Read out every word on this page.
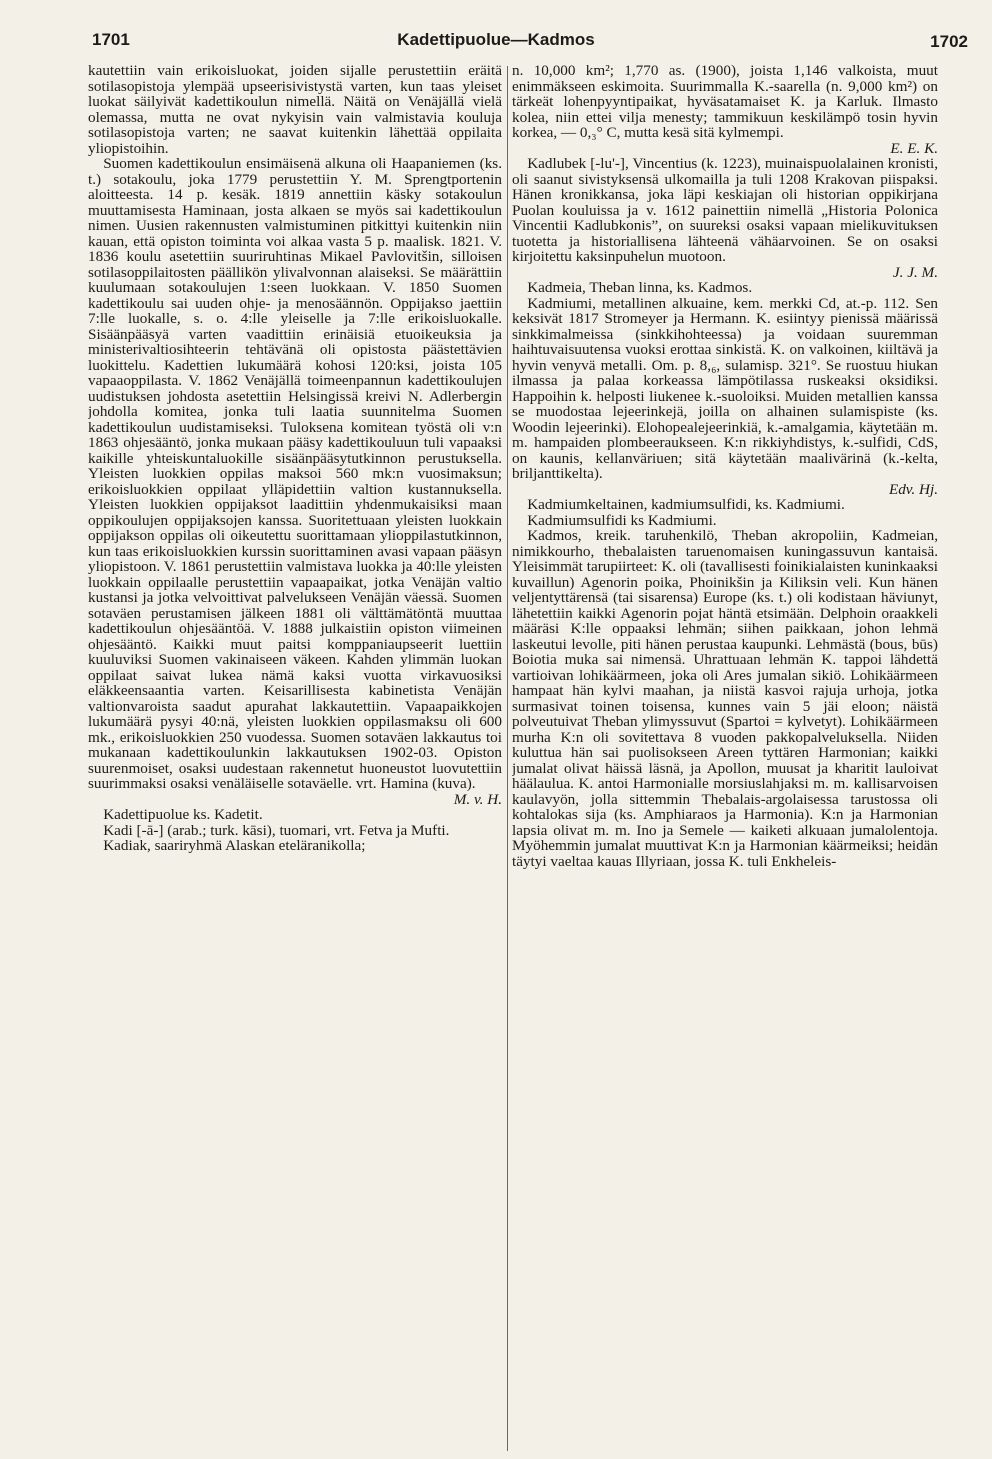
1701	Kadettipuolue—Kadmos	1702

kautettiin vain erikoisluokat, joiden sijalle perustettiin eräitä sotilasopistoja ylempää upseerisivistystä varten, kun taas yleiset luokat säilyivät kadettikoulun nimellä. Näitä on Venäjällä vielä olemassa, mutta ne ovat nykyisin vain valmistavia kouluja sotilasopistoja varten; ne saavat kuitenkin lähettää oppilaita yliopistoihin.

Suomen kadettikoulun ensimäisenä alkuna oli Haapaniemen (ks. t.) sotakoulu, joka 1779 perustettiin Y. M. Sprengtportenin aloitteesta. 14 p. kesäk. 1819 annettiin käsky sotakoulun muuttamisesta Haminaan, josta alkaen se myös sai kadettikoulun nimen. Uusien rakennusten valmistuminen pitkittyi kuitenkin niin kauan, että opiston toiminta voi alkaa vasta 5 p. maalisk. 1821. V. 1836 koulu asetettiin suuriruhtinas Mikael Pavlovitšin, silloisen sotilasoppilaitosten päällikön ylivalvonnan alaiseksi. Se määrättiin kuulumaan sotakoulujen 1:seen luokkaan. V. 1850 Suomen kadettikoulu sai uuden ohje- ja menosäännön. Oppijakso jaettiin 7:lle luokalle, s. o. 4:lle yleiselle ja 7:lle erikoisluokalle. Sisäänpääsyä varten vaadittiin erinäisiä etuoikeuksia ja ministerivaltiosihteerin tehtävänä oli opistosta päästettävien luokittelu. Kadettien lukumäärä kohosi 120:ksi, joista 105 vapaaoppilasta. V. 1862 Venäjällä toimeenpannun kadettikoulujen uudistuksen johdosta asetettiin Helsingissä kreivi N. Adlerbergin johdolla komitea, jonka tuli laatia suunnitelma Suomen kadettikoulun uudistamiseksi. Tuloksena komitean työstä oli v:n 1863 ohjesääntö, jonka mukaan pääsy kadettikouluun tuli vapaaksi kaikille yhteiskuntaluokille sisäänpääsytutkinnon perustuksella. Yleisten luokkien oppilas maksoi 560 mk:n vuosimaksun; erikoisluokkien oppilaat ylläpidettiin valtion kustannuksella. Yleisten luokkien oppijaksot laadittiin yhdenmukaisiksi maan oppikoulujen oppijaksojen kanssa. Suoritettuaan yleisten luokkain oppijakson oppilas oli oikeutettu suorittamaan ylioppilastutkinnon, kun taas erikoisluokkien kurssin suorittaminen avasi vapaan pääsyn yliopistoon. V. 1861 perustettiin valmistava luokka ja 40:lle yleisten luokkain oppilaalle perustettiin vapaapaikat, jotka Venäjän valtio kustansi ja jotka velvoittivat palvelukseen Venäjän väessä. Suomen sotaväen perustamisen jälkeen 1881 oli välttämätöntä muuttaa kadettikoulun ohjesääntöä. V. 1888 julkaistiin opiston viimeinen ohjesääntö. Kaikki muut paitsi komppaniaupseerit luettiin kuuluviksi Suomen vakinaiseen väkeen. Kahden ylimmän luokan oppilaat saivat lukea nämä kaksi vuotta virkavuosiksi eläkkeensaantia varten. Keisarillisesta kabinetista Venäjän valtionvaroista saadut apurahat lakkautettiin. Vapaapaikkojen lukumäärä pysyi 40:nä, yleisten luokkien oppilasmaksu oli 600 mk., erikoisluokkien 250 vuodessa. Suomen sotaväen lakkautus toi mukanaan kadettikoulunkin lakkautuksen 1902-03. Opiston suurenmoiset, osaksi uudestaan rakennetut huoneustot luovutettiin suurimmaksi osaksi venäläiselle sotaväelle. vrt. Hamina (kuva).

M. v. H.

Kadettipuolue ks. Kadetit.

Kadi [-ā-] (arab.; turk. kāsi), tuomari, vrt. Fetva ja Mufti.

Kadiak, saariryhmä Alaskan eteläranikolla;

n. 10,000 km²; 1,770 as. (1900), joista 1,146 valkoista, muut enimmäkseen eskimoita. Suurimmalla K.-saarella (n. 9,000 km²) on tärkeät lohenpyyntipaikat, hyväsatamaiset K. ja Karluk. Ilmasto kolea, niin ettei vilja menesty; tammikuun keskilämpö tosin hyvin korkea, — 0,₃° C, mutta kesä sitä kylmempi.

E. E. K.

Kadlubek [-lu'-], Vincentius (k. 1223), muinaispuolalainen kronisti, oli saanut sivistyksensä ulkomailla ja tuli 1208 Krakovan piispaksi. Hänen kronikkansa, joka läpi keskiajan oli historian oppikirjana Puolan kouluissa ja v. 1612 painettiin nimellä „Historia Polonica Vincentii Kadlubkonis”, on suureksi osaksi vapaan mielikuvituksen tuotetta ja historiallisena lähteenä vähäarvoinen. Se on osaksi kirjoitettu kaksinpuhelun muotoon.

J. J. M.

Kadmeia, Theban linna, ks. Kadmos.

Kadmiumi, metallinen alkuaine, kem. merkki Cd, at.-p. 112. Sen keksivät 1817 Stromeyer ja Hermann. K. esiintyy pienissä määrissä sinkkimalmeissa (sinkkihohteessa) ja voidaan suuremman haihtuvaisuutensa vuoksi erottaa sinkistä. K. on valkoinen, kiiltävä ja hyvin venyvä metalli. Om. p. 8,₆, sulamisp. 321°. Se ruostuu hiukan ilmassa ja palaa korkeassa lämpötilassa ruskeaksi oksidiksi. Happoihin k. helposti liukenee k.-suoloiksi. Muiden metallien kanssa se muodostaa lejeerinkejä, joilla on alhainen sulamispiste (ks. Woodin lejeerinki). Elohopealejeerinkiä, k.-amalgamia, käytetään m. m. hampaiden plombeeraukseen. K:n rikkiyhdistys, k.-sulfidi, CdS, on kaunis, kellanväriuen; sitä käytetään maalivärinä (k.-kelta, briljanttikelta).

Edv. Hj.

Kadmiumkeltainen, kadmiumsulfidi, ks. Kadmiumi.

Kadmiumsulfidi ks Kadmiumi.

Kadmos, kreik. taruhenkilö, Theban akropoliin, Kadmeian, nimikkourho, thebalaisten taruenomaisen kuningassuvun kantaisä. Yleisimmät tarupiirteet: K. oli (tavallisesti foinikialaisten kuninkaaksi kuvaillun) Agenorin poika, Phoinikšin ja Kiliksin veli. Kun hänen veljentyttärensä (tai sisarensa) Europe (ks. t.) oli kodistaan häviunyt, lähetettiin kaikki Agenorin pojat häntä etsimään. Delphoin oraakkeli määräsi K:lle oppaaksi lehmän; siihen paikkaan, johon lehmä laskeutui levolle, piti hänen perustaa kaupunki. Lehmästä (bous, būs) Boiotia muka sai nimensä. Uhrattuaan lehmän K. tappoi lähdettä vartioivan lohikäärmeen, joka oli Ares jumalan sikiö. Lohikäärmeen hampaat hän kylvi maahan, ja niistä kasvoi rajuja urhoja, jotka surmasivat toinen toisensa, kunnes vain 5 jäi eloon; näistä polveutuivat Theban ylimyssuvut (Spartoi = kylvetyt). Lohikäärmeen murha K:n oli sovitettava 8 vuoden pakkopalveluksella. Niiden kuluttua hän sai puolisokseen Areen tyttären Harmonian; kaikki jumalat olivat häissä läsnä, ja Apollon, muusat ja kharitit lauloivat häälaulua. K. antoi Harmonialle morsiuslahjaksi m. m. kallisarvoisen kaulavyön, jolla sittemmin Thebalais-argolaisessa tarustossa oli kohtalokas sija (ks. Amphiaraos ja Harmonia). K:n ja Harmonian lapsia olivat m. m. Ino ja Semele — kaiketi alkuaan jumalolentoja. Myöhemmin jumalat muuttivat K:n ja Harmonian käärmeiksi; heidän täytyi vaeltaa kauas Illyriaan, jossa K. tuli Enkheleis-
